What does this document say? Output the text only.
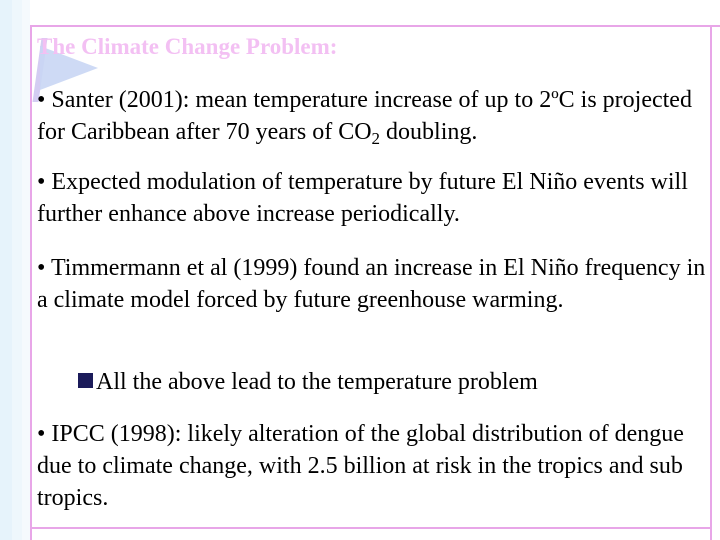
The Climate Change Problem:

• Santer (2001): mean temperature increase of up to 2ºC is projected for Caribbean after 70 years of $CO_2$ doubling.

• Expected modulation of temperature by future El Niño events will further enhance above increase periodically.

• Timmermann et al (1999) found an increase in El Niño frequency in a climate model forced by future greenhouse warming.

All the above lead to the temperature problem

• IPCC (1998): likely alteration of the global distribution of dengue due to climate change, with 2.5 billion at risk in the tropics and sub tropics.
